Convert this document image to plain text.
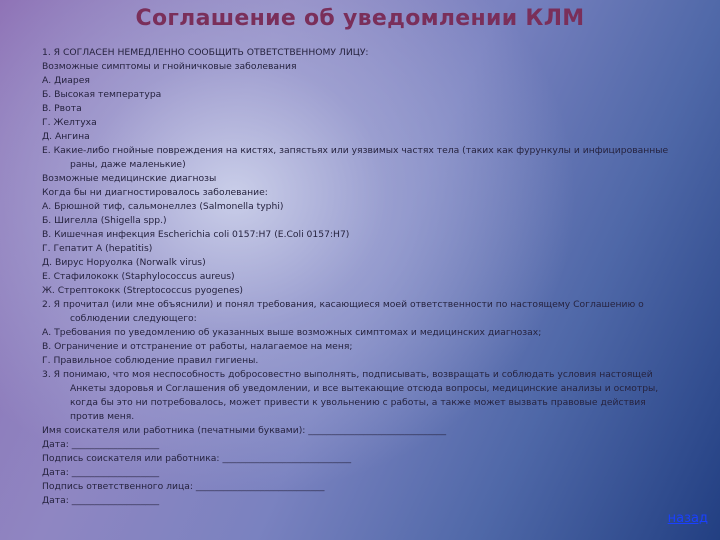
Соглашение об уведомлении КЛМ
1. Я СОГЛАСЕН НЕМЕДЛЕННО СООБЩИТЬ ОТВЕТСТВЕННОМУ ЛИЦУ:
Возможные симптомы и гнойничковые заболевания
А. Диарея
Б. Высокая температура
В. Рвота
Г. Желтуха
Д. Ангина
Е. Какие-либо гнойные повреждения на кистях, запястьях или уязвимых частях тела (таких как фурункулы и инфицированные раны, даже маленькие)
Возможные медицинские диагнозы
Когда бы ни диагностировалось заболевание:
А. Брюшной тиф, сальмонеллез (Salmonella typhi)
Б. Шигелла (Shigella spp.)
В. Кишечная инфекция Escherichia coli 0157:H7 (E.Coli 0157:H7)
Г. Гепатит А (hepatitis)
Д. Вирус Норуолка (Norwalk virus)
Е. Стафилококк (Staphylococcus aureus)
Ж. Стрептококк (Streptococcus pyogenes)
2. Я прочитал (или мне объяснили) и понял требования, касающиеся моей ответственности по настоящему Соглашению о соблюдении следующего:
А. Требования по уведомлению об указанных выше возможных симптомах и медицинских диагнозах;
В. Ограничение и отстранение от работы, налагаемое на меня;
Г. Правильное соблюдение правил гигиены.
3. Я понимаю, что моя неспособность добросовестно выполнять, подписывать, возвращать и соблюдать условия настоящей Анкеты здоровья и Соглашения об уведомлении, и все вытекающие отсюда вопросы, медицинские анализы и осмотры, когда бы это ни потребовалось, может привести к увольнению с работы, а также может вызвать правовые действия против меня.
Имя соискателя или работника (печатными буквами): ______________________________
Дата: ___________________
Подпись соискателя или работника: ____________________________
Дата: ___________________
Подпись ответственного лица: ____________________________
Дата: ___________________
назад
